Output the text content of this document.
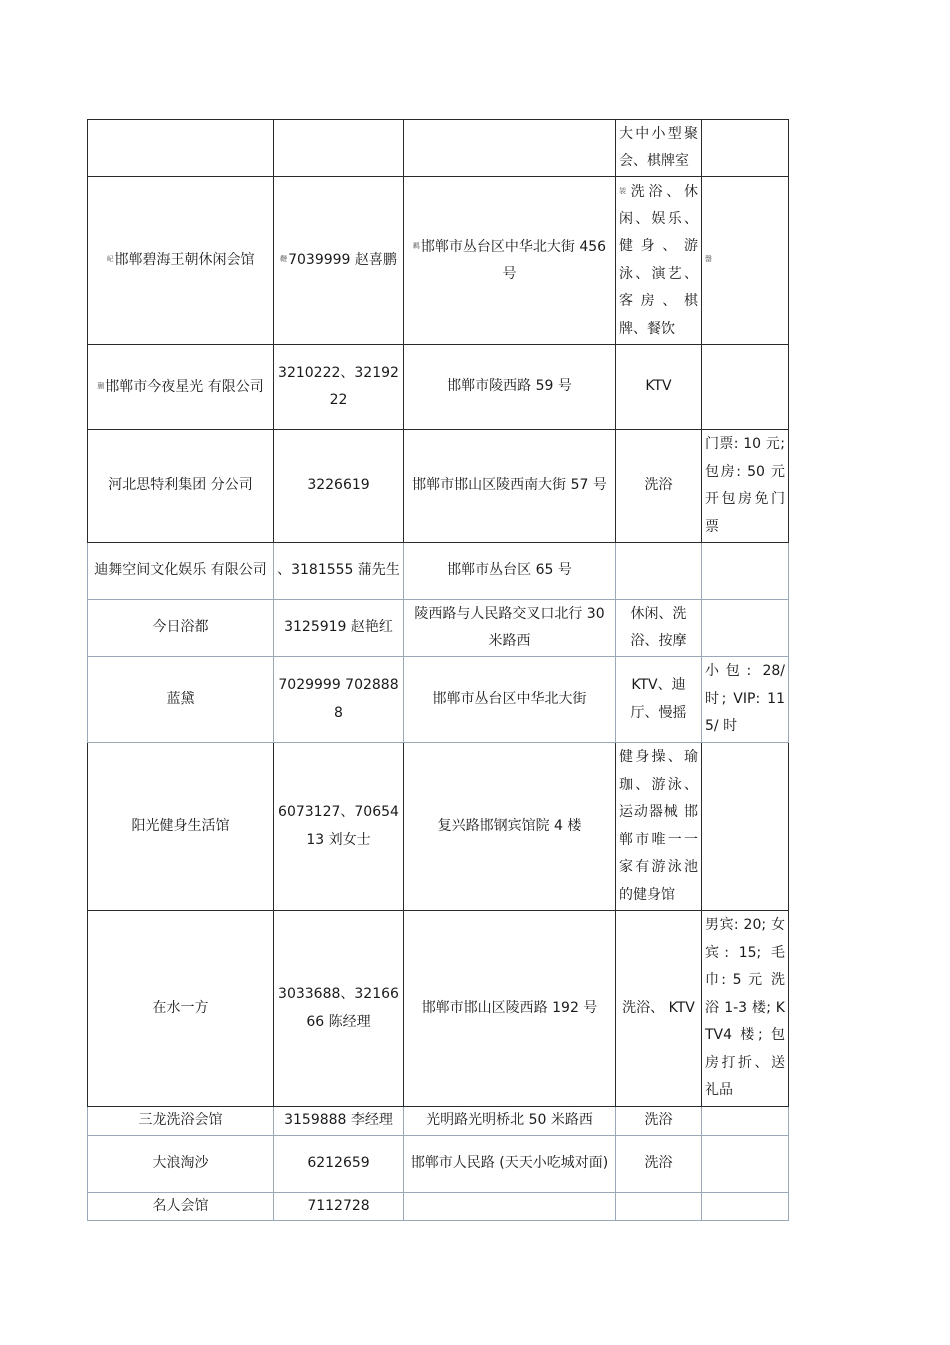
			大中小型聚会、棋牌室	
屺邯郸碧海王朝休闲会馆	鞭7039999 赵喜鹏	羁邯郸市丛台区中华北大街 456 号	袈洗浴、休闲、娱乐、健身、游泳、演艺、客房、棋牌、餐饮	罄
蒯邯郸市今夜星光 有限公司	3210222、3219222	邯郸市陵西路 59 号	KTV	
河北思特利集团 分公司	3226619	邯郸市邯山区陵西南大街 57 号	洗浴	门票: 10 元; 包房: 50 元 开包房免门票
迪舞空间文化娱乐 有限公司	、3181555 蒲先生	邯郸市丛台区 65 号		
今日浴都	3125919 赵艳红	陵西路与人民路交叉口北行 30 米路西	休闲、洗浴、按摩	
蓝黛	7029999 7028888	邯郸市丛台区中华北大街	KTV、迪厅、慢摇	小包: 28/ 时; VIP: 115/ 时
阳光健身生活馆	6073127、7065413 刘女士	复兴路邯钢宾馆院 4 楼	健身操、瑜珈、游泳、运动器械 邯郸市唯一一家有游泳池的健身馆	
在水一方	3033688、3216666 陈经理	邯郸市邯山区陵西路 192 号	洗浴、 KTV	男宾: 20; 女宾: 15; 毛巾: 5 元 洗浴 1-3 楼; KTV4 楼; 包房打折、送礼品
三龙洗浴会馆	3159888 李经理	光明路光明桥北 50 米路西	洗浴	
大浪淘沙	6212659	邯郸市人民路 (天天小吃城对面)	洗浴	
名人会馆	7112728			
